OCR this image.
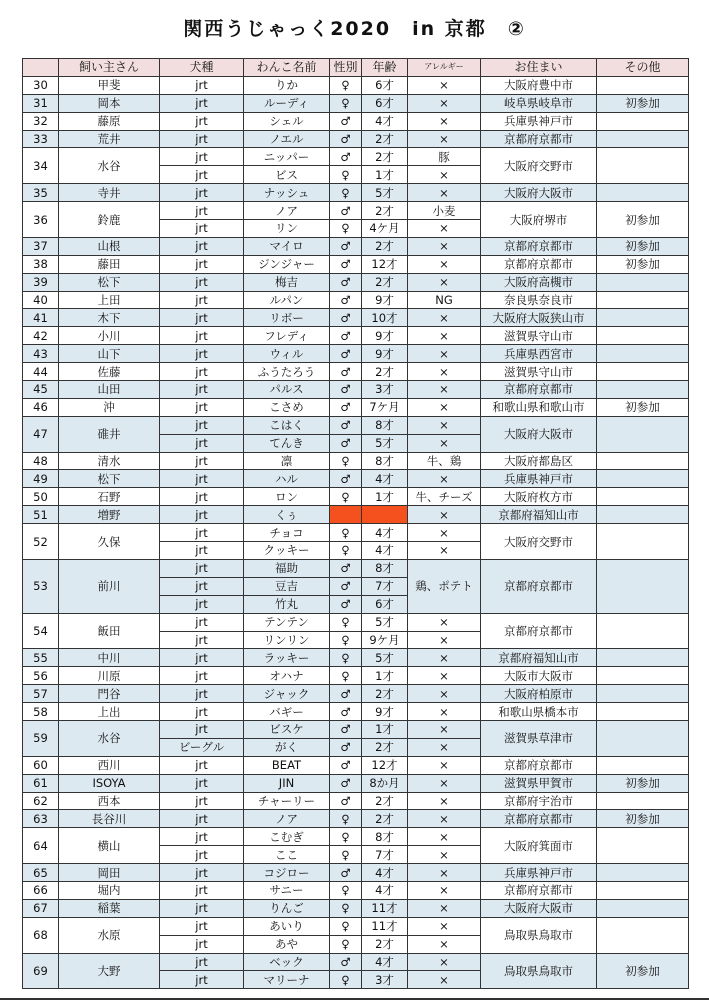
関西うじゃっく2020　in 京都　②
	飼い主さん	犬種	わんこ名前	性別	年齢	アレルギー	お住まい	その他
30	甲斐	jrt	りか	♀	6才	×	大阪府豊中市	
31	岡本	jrt	ルーディ	♀	6才	×	岐阜県岐阜市	初参加
32	藤原	jrt	シェル	♂	4才	×	兵庫県神戸市	
33	荒井	jrt	ノエル	♂	2才	×	京都府京都市	
34	水谷	jrt	ニッパー	♂	2才	豚	大阪府交野市	
		jrt	ビス	♀	1才	×		
35	寺井	jrt	ナッシュ	♀	5才	×	大阪府大阪市	
36	鈴鹿	jrt	ノア	♂	2才	小麦	大阪府堺市	初参加
		jrt	リン	♀	4ケ月	×		
37	山根	jrt	マイロ	♂	2才	×	京都府京都市	初参加
38	藤田	jrt	ジンジャー	♂	12才	×	京都府京都市	初参加
39	松下	jrt	梅吉	♂	2才	×	大阪府高槻市	
40	上田	jrt	ルパン	♂	9才	NG	奈良県奈良市	
41	木下	jrt	リボー	♂	10才	×	大阪府大阪狭山市	
42	小川	jrt	フレディ	♂	9才	×	滋賀県守山市	
43	山下	jrt	ウィル	♂	9才	×	兵庫県西宮市	
44	佐藤	jrt	ふうたろう	♂	2才	×	滋賀県守山市	
45	山田	jrt	パルス	♂	3才	×	京都府京都市	
46	沖	jrt	こさめ	♂	7ケ月	×	和歌山県和歌山市	初参加
47	碓井	jrt	こはく	♂	8才	×	大阪府大阪市	
		jrt	てんき	♂	5才	×		
48	清水	jrt	凛	♀	8才	牛、鶏	大阪府都島区	
49	松下	jrt	ハル	♂	4才	×	兵庫県神戸市	
50	石野	jrt	ロン	♀	1才	牛、チーズ	大阪府枚方市	
51	増野	jrt	くぅ			×	京都府福知山市	
52	久保	jrt	チョコ	♀	4才	×	大阪府交野市	
		jrt	クッキー	♀	4才	×		
53	前川	jrt	福助	♂	8才	鶏、ポテト	京都府京都市	
		jrt	豆吉	♂	7才			
		jrt	竹丸	♂	6才			
54	飯田	jrt	テンテン	♀	5才	×	京都府京都市	
		jrt	リンリン	♀	9ケ月	×		
55	中川	jrt	ラッキー	♀	5才	×	京都府福知山市	
56	川原	jrt	オハナ	♀	1才	×	大阪市大阪市	
57	門谷	jrt	ジャック	♂	2才	×	大阪府柏原市	
58	上出	jrt	バギー	♂	9才	×	和歌山県橋本市	
59	水谷	jrt	ビスケ	♂	1才	×	滋賀県草津市	
		ビーグル	がく	♂	2才	×		
60	西川	jrt	BEAT	♂	12才	×	京都府京都市	
61	ISOYA	jrt	JIN	♂	8か月	×	滋賀県甲賀市	初参加
62	西本	jrt	チャーリー	♂	2才	×	京都府宇治市	
63	長谷川	jrt	ノア	♀	2才	×	京都府京都市	初参加
64	横山	jrt	こむぎ	♀	8才	×	大阪府箕面市	
		jrt	ここ	♀	7才	×		
65	岡田	jrt	コジロー	♂	4才	×	兵庫県神戸市	
66	堀内	jrt	サニー	♀	4才	×	京都府京都市	
67	稲葉	jrt	りんご	♀	11才	×	大阪府大阪市	
68	水原	jrt	あいり	♀	11才	×	鳥取県鳥取市	
		jrt	あや	♀	2才	×		
69	大野	jrt	ベック	♂	4才	×	鳥取県鳥取市	初参加
		jrt	マリーナ	♀	3才	×		
